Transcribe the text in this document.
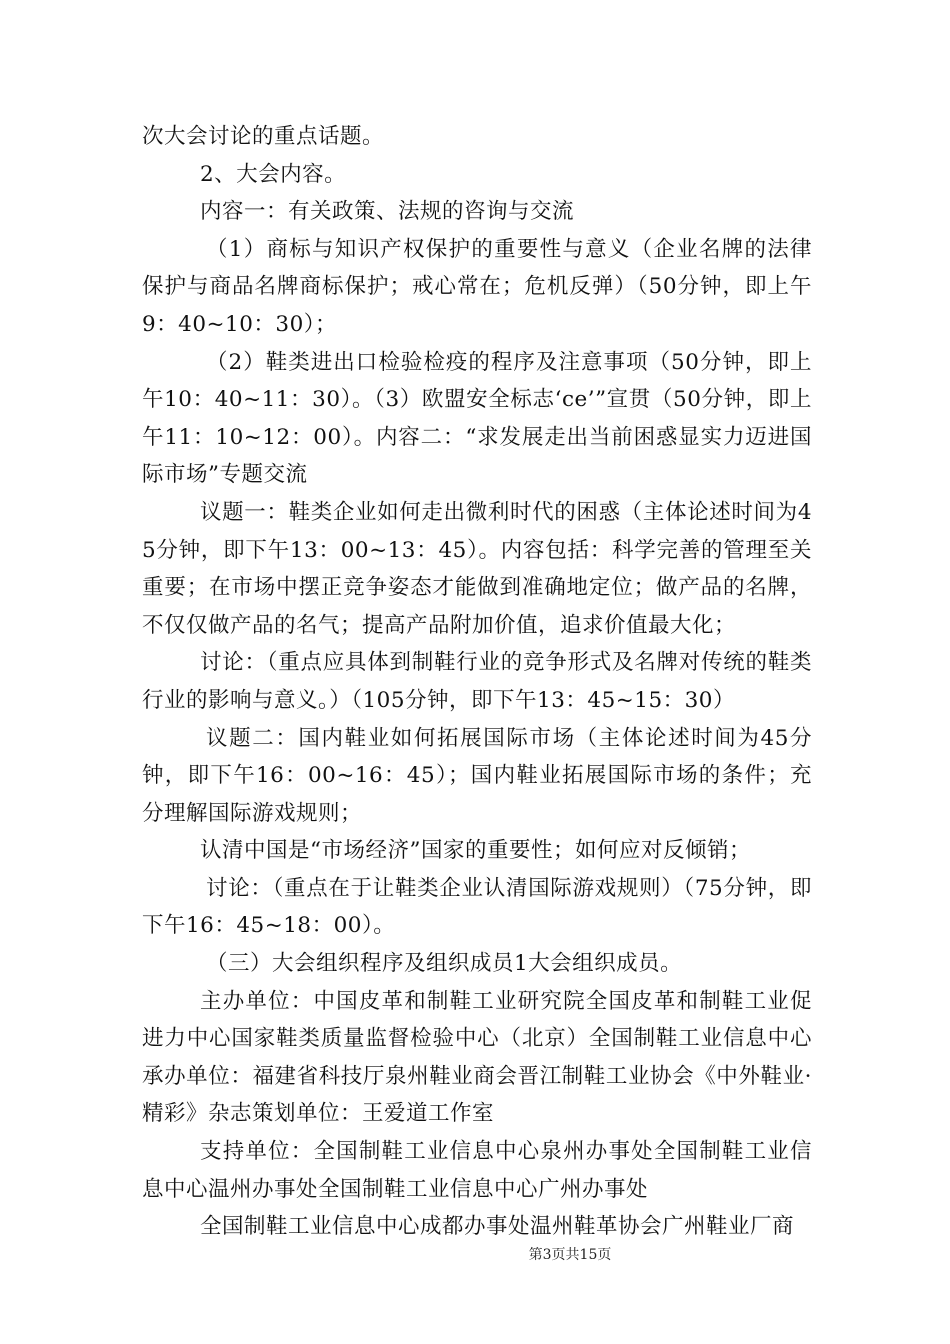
次大会讨论的重点话题。

2、大会内容。

内容一：有关政策、法规的咨询与交流

（1）商标与知识产权保护的重要性与意义（企业名牌的法律保护与商品名牌商标保护；戒心常在；危机反弹）（50分钟，即上午9：40~10：30）；

（2）鞋类进出口检验检疫的程序及注意事项（50分钟，即上午10：40~11：30）。（3）欧盟安全标志‘ce’”宣贯（50分钟，即上午11：10~12：00）。内容二：“求发展走出当前困惑显实力迈进国际市场”专题交流

议题一：鞋类企业如何走出微利时代的困惑（主体论述时间为45分钟，即下午13：00~13：45）。内容包括：科学完善的管理至关重要；在市场中摆正竞争姿态才能做到准确地定位；做产品的名牌，不仅仅做产品的名气；提高产品附加价值，追求价值最大化；

讨论：（重点应具体到制鞋行业的竞争形式及名牌对传统的鞋类行业的影响与意义。）（105分钟，即下午13：45~15：30）

议题二：国内鞋业如何拓展国际市场（主体论述时间为45分钟，即下午16：00~16：45）；国内鞋业拓展国际市场的条件；充分理解国际游戏规则；

认清中国是“市场经济”国家的重要性；如何应对反倾销；

讨论：（重点在于让鞋类企业认清国际游戏规则）（75分钟，即下午16：45~18：00）。

（三）大会组织程序及组织成员1大会组织成员。

主办单位：中国皮革和制鞋工业研究院全国皮革和制鞋工业促进力中心国家鞋类质量监督检验中心（北京）全国制鞋工业信息中心承办单位：福建省科技厅泉州鞋业商会晋江制鞋工业协会《中外鞋业·精彩》杂志策划单位：王爱道工作室

支持单位：全国制鞋工业信息中心泉州办事处全国制鞋工业信息中心温州办事处全国制鞋工业信息中心广州办事处

全国制鞋工业信息中心成都办事处温州鞋革协会广州鞋业厂商

第3页共15页
